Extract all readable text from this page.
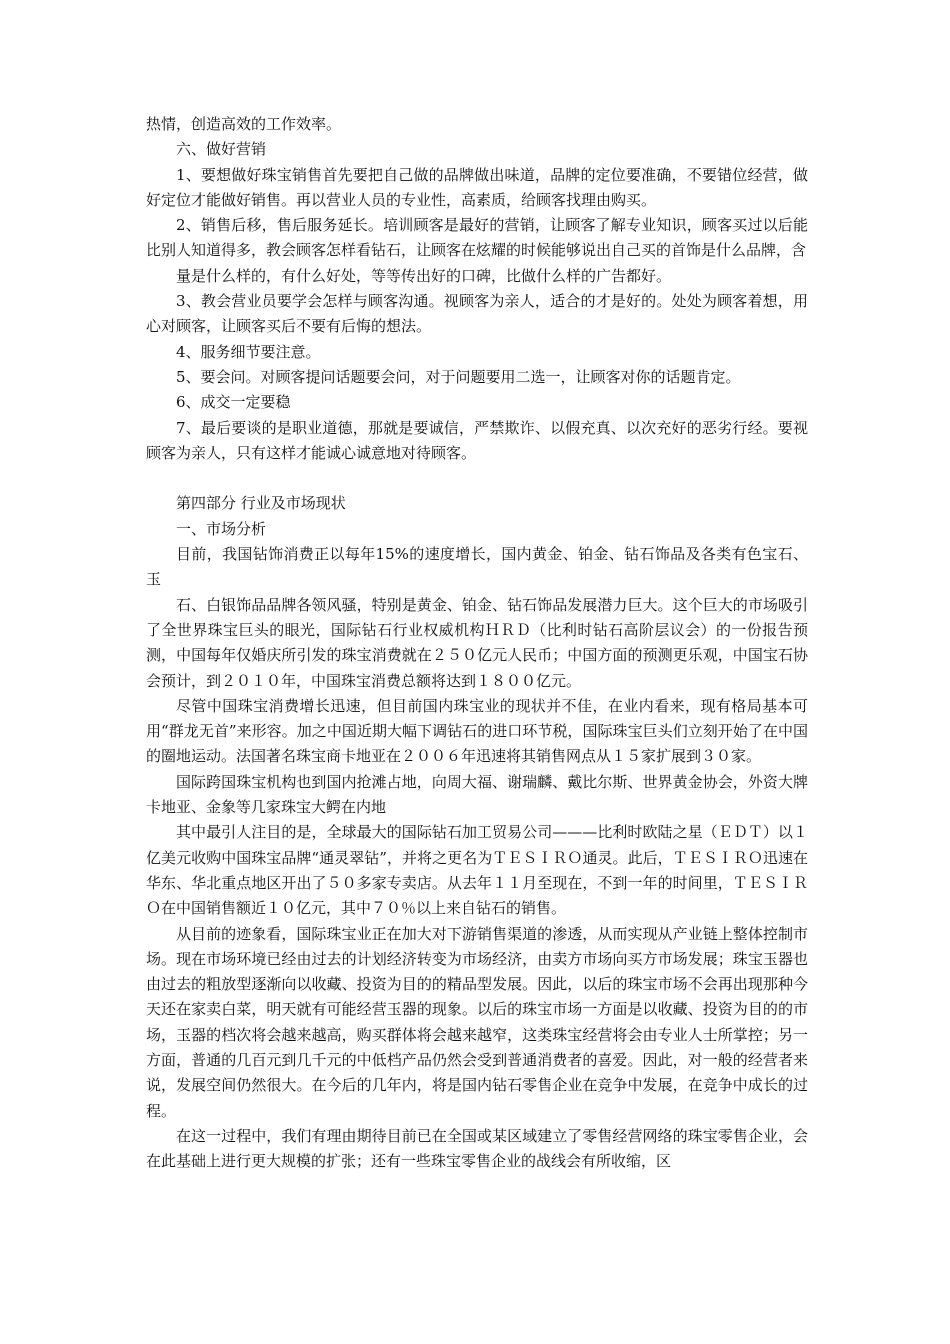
热情，创造高效的工作效率。

六、做好营销

1、要想做好珠宝销售首先要把自己做的品牌做出味道，品牌的定位要准确，不要错位经营，做好定位才能做好销售。再以营业人员的专业性，高素质，给顾客找理由购买。

2、销售后移，售后服务延长。培训顾客是最好的营销，让顾客了解专业知识，顾客买过以后能比别人知道得多，教会顾客怎样看钻石，让顾客在炫耀的时候能够说出自己买的首饰是什么品牌，含

量是什么样的，有什么好处，等等传出好的口碑，比做什么样的广告都好。

3、教会营业员要学会怎样与顾客沟通。视顾客为亲人，适合的才是好的。处处为顾客着想，用心对顾客，让顾客买后不要有后悔的想法。

4、服务细节要注意。

5、要会问。对顾客提问话题要会问，对于问题要用二选一，让顾客对你的话题肯定。

6、成交一定要稳

7、最后要谈的是职业道德，那就是要诚信，严禁欺诈、以假充真、以次充好的恶劣行经。要视顾客为亲人，只有这样才能诚心诚意地对待顾客。

第四部分 行业及市场现状

一、市场分析

目前，我国钻饰消费正以每年15%的速度增长，国内黄金、铂金、钻石饰品及各类有色宝石、玉

石、白银饰品品牌各领风骚，特别是黄金、铂金、钻石饰品发展潜力巨大。这个巨大的市场吸引了全世界珠宝巨头的眼光，国际钻石行业权威机构ＨＲＤ（比利时钻石高阶层议会）的一份报告预测，中国每年仅婚庆所引发的珠宝消费就在２５０亿元人民币；中国方面的预测更乐观，中国宝石协会预计，到２０１０年，中国珠宝消费总额将达到１８００亿元。

尽管中国珠宝消费增长迅速，但目前国内珠宝业的现状并不佳，在业内看来，现有格局基本可用“群龙无首”来形容。加之中国近期大幅下调钻石的进口环节税，国际珠宝巨头们立刻开始了在中国的圈地运动。法国著名珠宝商卡地亚在２００６年迅速将其销售网点从１５家扩展到３０家。

国际跨国珠宝机构也到国内抢滩占地，向周大福、谢瑞麟、戴比尔斯、世界黄金协会，外资大牌卡地亚、金象等几家珠宝大鳄在内地

其中最引人注目的是，全球最大的国际钻石加工贸易公司———比利时欧陆之星（ＥＤＴ）以１亿美元收购中国珠宝品牌“通灵翠钻”，并将之更名为ＴＥＳＩＲＯ通灵。此后，ＴＥＳＩＲＯ迅速在华东、华北重点地区开出了５０多家专卖店。从去年１１月至现在，不到一年的时间里，ＴＥＳＩＲＯ在中国销售额近１０亿元，其中７０％以上来自钻石的销售。

从目前的迹象看，国际珠宝业正在加大对下游销售渠道的渗透，从而实现从产业链上整体控制市场。现在市场环境已经由过去的计划经济转变为市场经济，由卖方市场向买方市场发展；珠宝玉器也由过去的粗放型逐渐向以收藏、投资为目的的精品型发展。因此，以后的珠宝市场不会再出现那种今天还在家卖白菜，明天就有可能经营玉器的现象。以后的珠宝市场一方面是以收藏、投资为目的的市场，玉器的档次将会越来越高，购买群体将会越来越窄，这类珠宝经营将会由专业人士所掌控；另一方面，普通的几百元到几千元的中低档产品仍然会受到普通消费者的喜爱。因此，对一般的经营者来说，发展空间仍然很大。在今后的几年内，将是国内钻石零售企业在竞争中发展，在竞争中成长的过程。

在这一过程中，我们有理由期待目前已在全国或某区域建立了零售经营网络的珠宝零售企业，会在此基础上进行更大规模的扩张；还有一些珠宝零售企业的战线会有所收缩，区
